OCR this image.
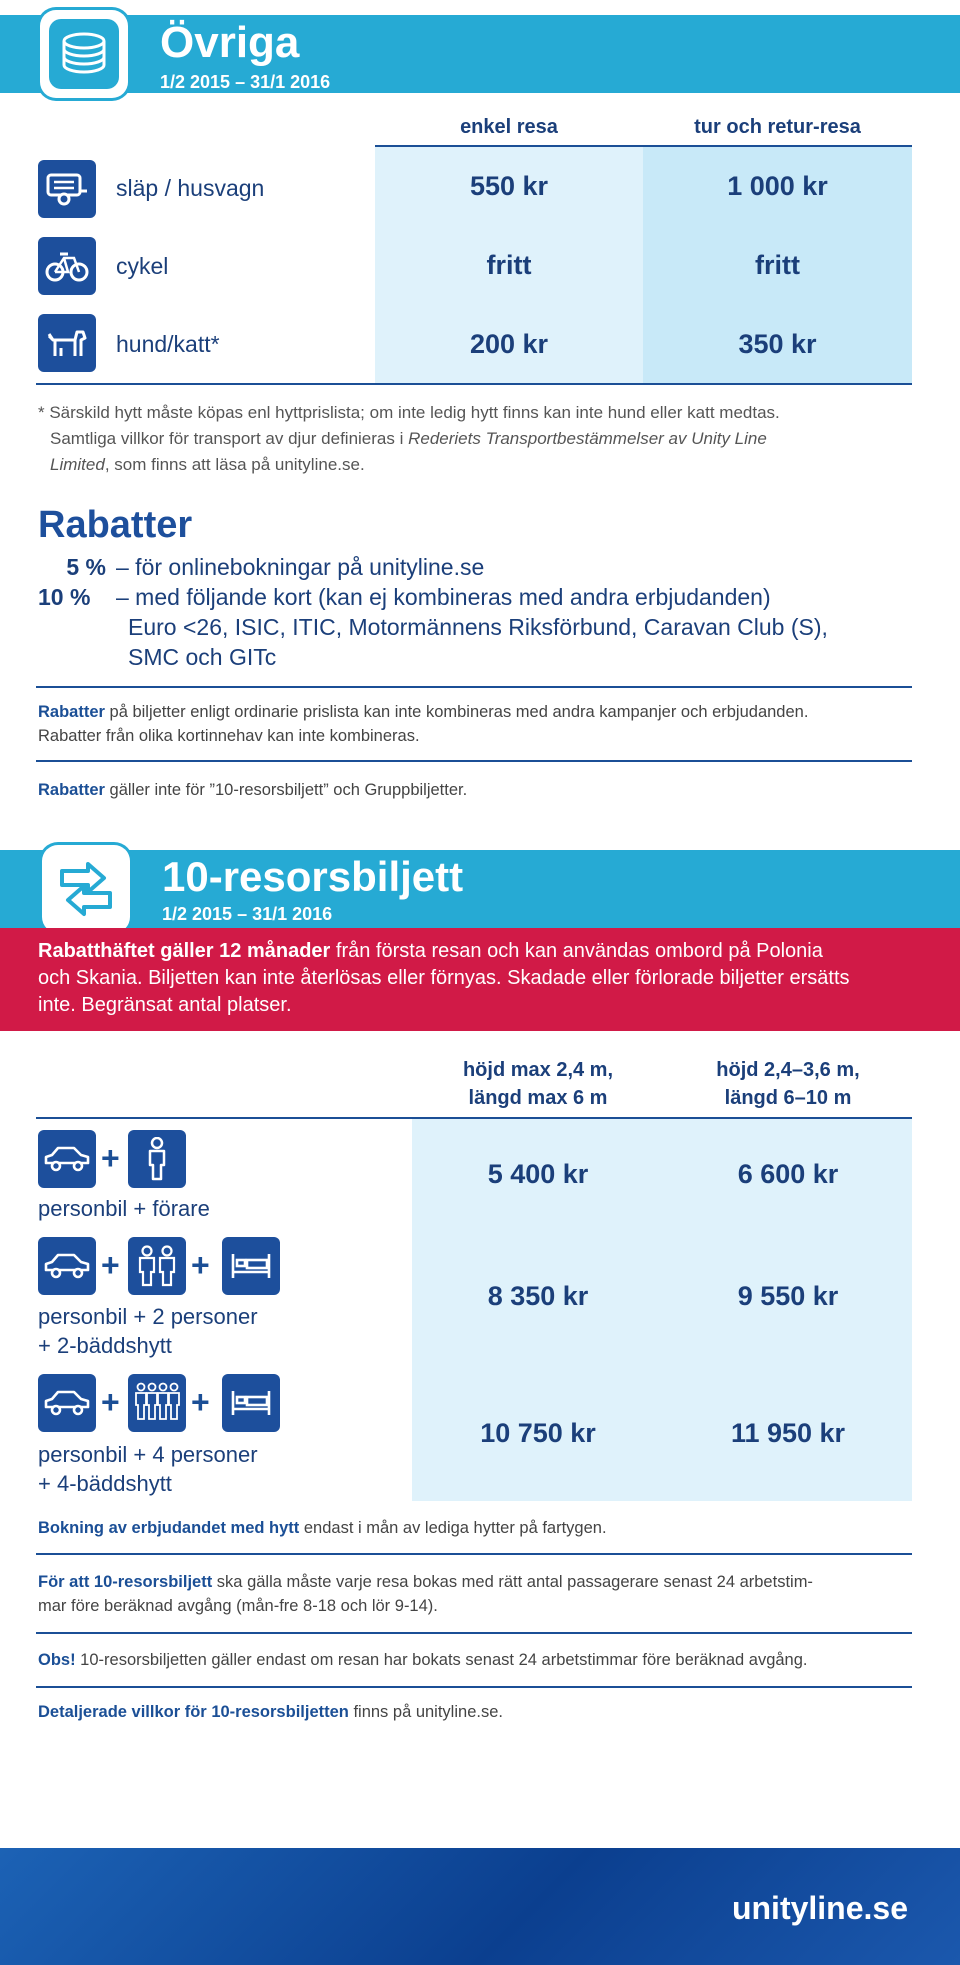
Övriga
1/2 2015 – 31/1 2016
enkel resa	tur och retur-resa
släp / husvagn	550 kr	1 000 kr
cykel	fritt	fritt
hund/katt*	200 kr	350 kr
* Särskild hytt måste köpas enl hyttprislista; om inte ledig hytt finns kan inte hund eller katt medtas.
Samtliga villkor för transport av djur definieras i Rederiets Transportbestämmelser av Unity Line
Limited, som finns att läsa på unityline.se.
Rabatter
5 % – för onlinebokningar på unityline.se
10 % – med följande kort (kan ej kombineras med andra erbjudanden)
Euro <26, ISIC, ITIC, Motormännens Riksförbund, Caravan Club (S),
SMC och GITc
Rabatter på biljetter enligt ordinarie prislista kan inte kombineras med andra kampanjer och erbjudanden.
Rabatter från olika kortinnehav kan inte kombineras.
Rabatter gäller inte för ”10-resorsbiljett” och Gruppbiljetter.
10-resorsbiljett
1/2 2015 – 31/1 2016
Rabatthäftet gäller 12 månader från första resan och kan användas ombord på Polonia
och Skania. Biljetten kan inte återlösas eller förnyas. Skadade eller förlorade biljetter ersätts
inte. Begränsat antal platser.
höjd max 2,4 m,
längd max 6 m
höjd 2,4–3,6 m,
längd 6–10 m
+
personbil + förare
5 400 kr	6 600 kr
+ +
personbil + 2 personer
+ 2-bäddshytt
8 350 kr	9 550 kr
+ +
personbil + 4 personer
+ 4-bäddshytt
10 750 kr	11 950 kr
Bokning av erbjudandet med hytt endast i mån av lediga hytter på fartygen.
För att 10-resorsbiljett ska gälla måste varje resa bokas med rätt antal passagerare senast 24 arbetstim-
mar före beräknad avgång (mån-fre 8-18 och lör 9-14).
Obs! 10-resorsbiljetten gäller endast om resan har bokats senast 24 arbetstimmar före beräknad avgång.
Detaljerade villkor för 10-resorsbiljetten finns på unityline.se.
unityline.se
